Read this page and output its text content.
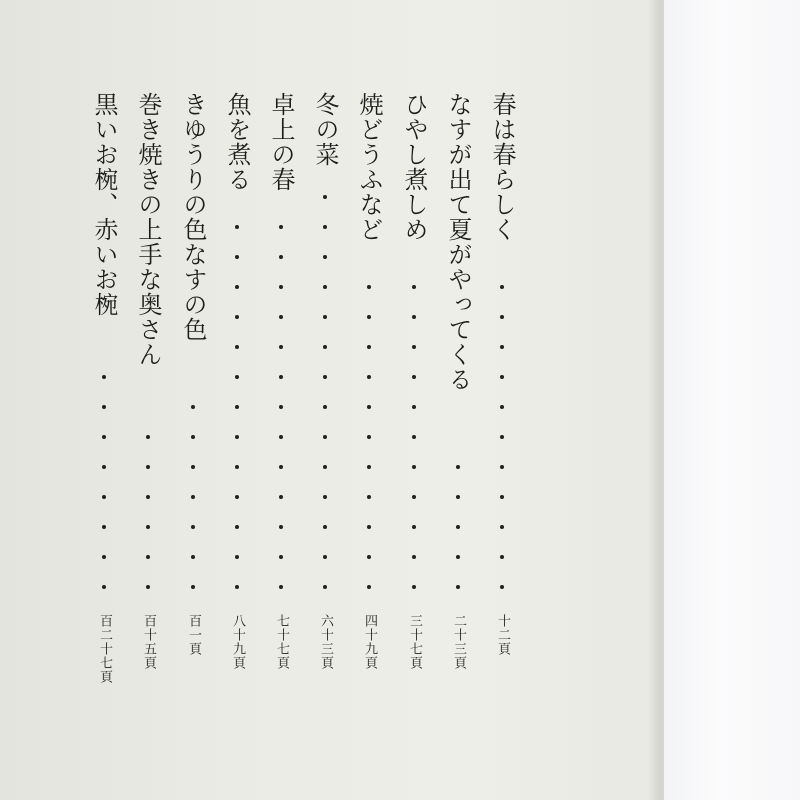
春は春らしく
十二頁
なすが出て夏がやってくる
二十三頁
ひやし煮しめ
三十七頁
焼どうふなど
四十九頁
冬の菜
六十三頁
卓上の春
七十七頁
魚を煮る
八十九頁
きゆうりの色なすの色
百一頁
巻き焼きの上手な奥さん
百十五頁
黒いお椀、赤いお椀
百二十七頁
